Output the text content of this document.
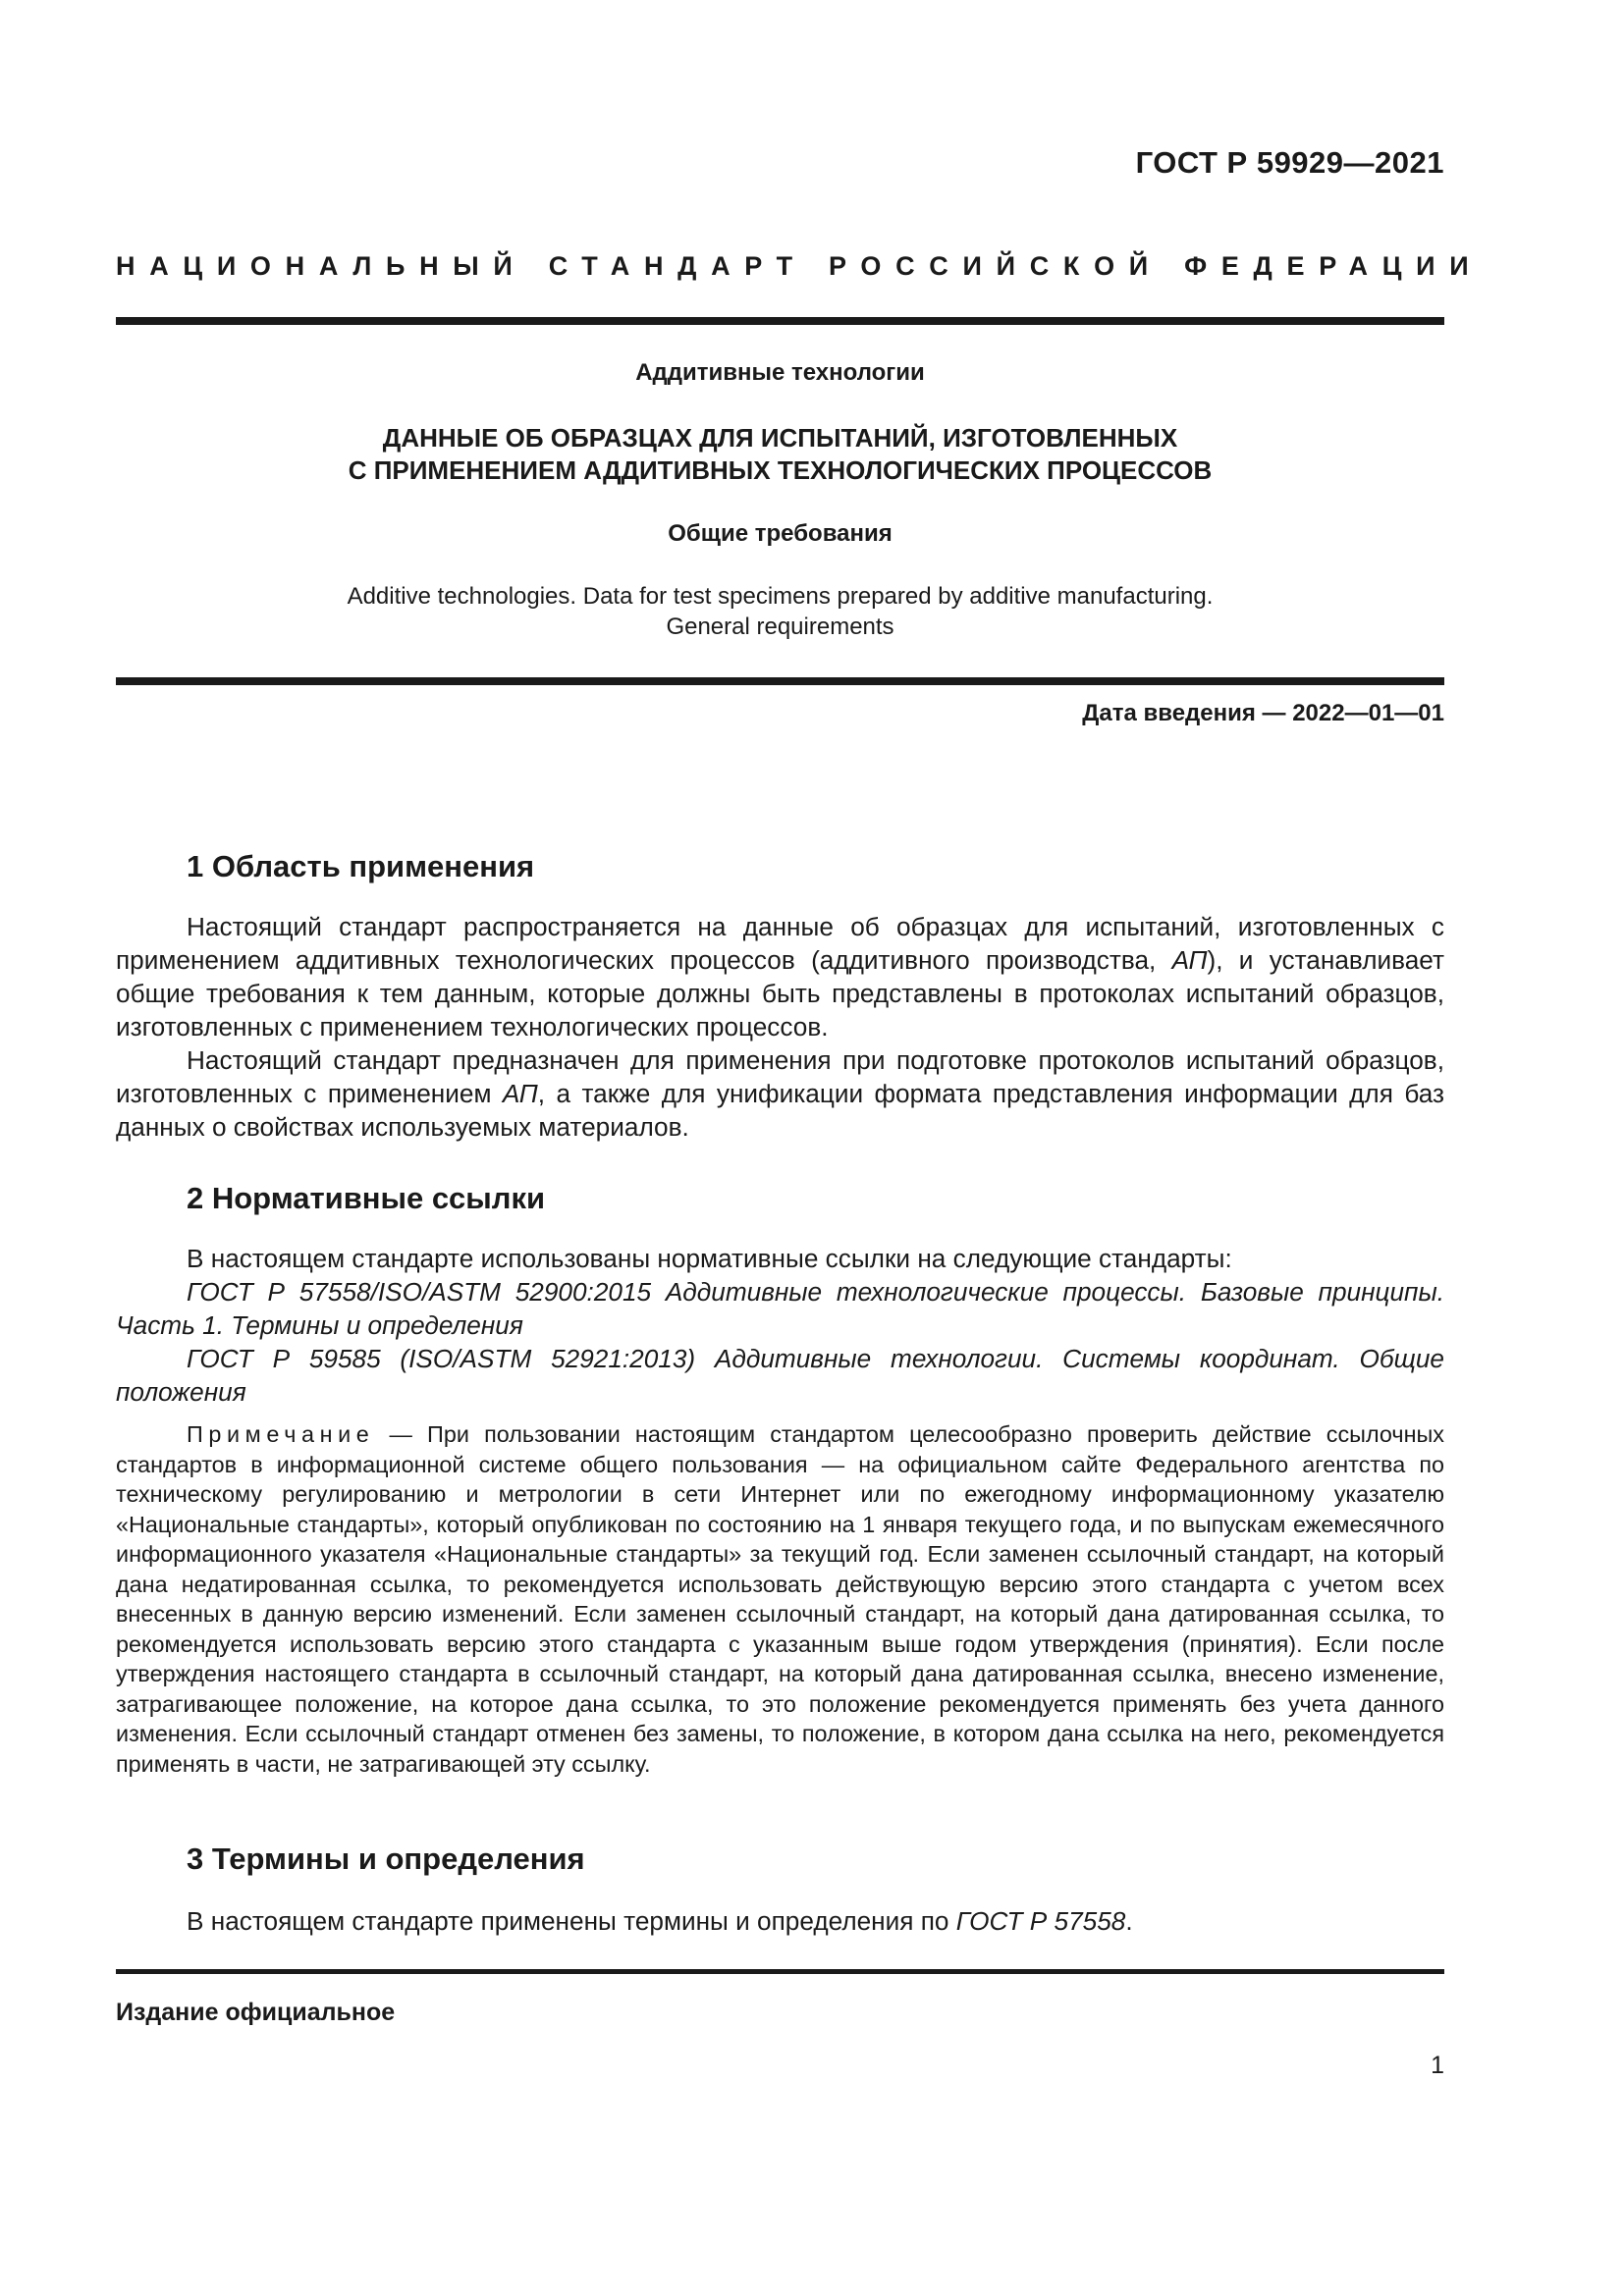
ГОСТ Р 59929—2021
НАЦИОНАЛЬНЫЙ СТАНДАРТ РОССИЙСКОЙ ФЕДЕРАЦИИ
Аддитивные технологии
ДАННЫЕ ОБ ОБРАЗЦАХ ДЛЯ ИСПЫТАНИЙ, ИЗГОТОВЛЕННЫХ
С ПРИМЕНЕНИЕМ АДДИТИВНЫХ ТЕХНОЛОГИЧЕСКИХ ПРОЦЕССОВ
Общие требования
Additive technologies. Data for test specimens prepared by additive manufacturing.
General requirements
Дата введения — 2022—01—01
1 Область применения

Настоящий стандарт распространяется на данные об образцах для испытаний, изготовленных с применением аддитивных технологических процессов (аддитивного производства, АП), и устанавливает общие требования к тем данным, которые должны быть представлены в протоколах испытаний образцов, изготовленных с применением технологических процессов.

Настоящий стандарт предназначен для применения при подготовке протоколов испытаний образцов, изготовленных с применением АП, а также для унификации формата представления информации для баз данных о свойствах используемых материалов.

2 Нормативные ссылки

В настоящем стандарте использованы нормативные ссылки на следующие стандарты:

ГОСТ Р 57558/ISO/ASTM 52900:2015 Аддитивные технологические процессы. Базовые принципы. Часть 1. Термины и определения

ГОСТ Р 59585 (ISO/ASTM 52921:2013) Аддитивные технологии. Системы координат. Общие положения

Примечание — При пользовании настоящим стандартом целесообразно проверить действие ссылочных стандартов в информационной системе общего пользования — на официальном сайте Федерального агентства по техническому регулированию и метрологии в сети Интернет или по ежегодному информационному указателю «Национальные стандарты», который опубликован по состоянию на 1 января текущего года, и по выпускам ежемесячного информационного указателя «Национальные стандарты» за текущий год. Если заменен ссылочный стандарт, на который дана недатированная ссылка, то рекомендуется использовать действующую версию этого стандарта с учетом всех внесенных в данную версию изменений. Если заменен ссылочный стандарт, на который дана датированная ссылка, то рекомендуется использовать версию этого стандарта с указанным выше годом утверждения (принятия). Если после утверждения настоящего стандарта в ссылочный стандарт, на который дана датированная ссылка, внесено изменение, затрагивающее положение, на которое дана ссылка, то это положение рекомендуется применять без учета данного изменения. Если ссылочный стандарт отменен без замены, то положение, в котором дана ссылка на него, рекомендуется применять в части, не затрагивающей эту ссылку.

3 Термины и определения

В настоящем стандарте применены термины и определения по ГОСТ Р 57558.

Издание официальное
1
